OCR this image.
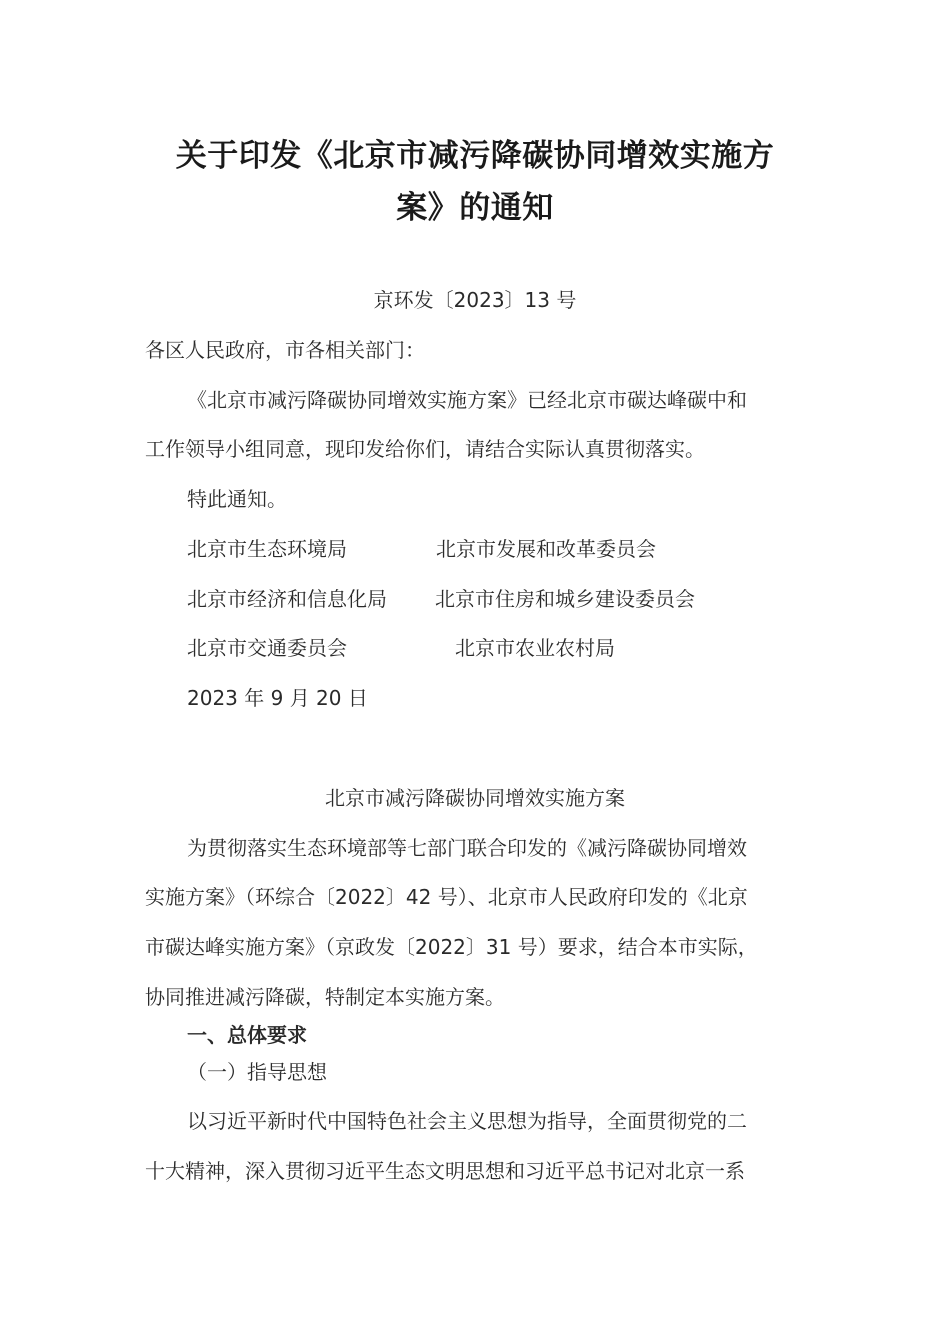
关于印发《北京市减污降碳协同增效实施方
案》的通知
京环发〔2023〕13 号
各区人民政府，市各相关部门：
《北京市减污降碳协同增效实施方案》已经北京市碳达峰碳中和
工作领导小组同意，现印发给你们，请结合实际认真贯彻落实。
特此通知。
北京市生态环境局	北京市发展和改革委员会
北京市经济和信息化局 北京市住房和城乡建设委员会
北京市交通委员会	北京市农业农村局
2023 年 9 月 20 日
北京市减污降碳协同增效实施方案
为贯彻落实生态环境部等七部门联合印发的《减污降碳协同增效
实施方案》（环综合〔2022〕42 号）、北京市人民政府印发的《北京
市碳达峰实施方案》（京政发〔2022〕31 号）要求，结合本市实际，
协同推进减污降碳，特制定本实施方案。
一、总体要求
（一）指导思想
以习近平新时代中国特色社会主义思想为指导，全面贯彻党的二
十大精神，深入贯彻习近平生态文明思想和习近平总书记对北京一系
